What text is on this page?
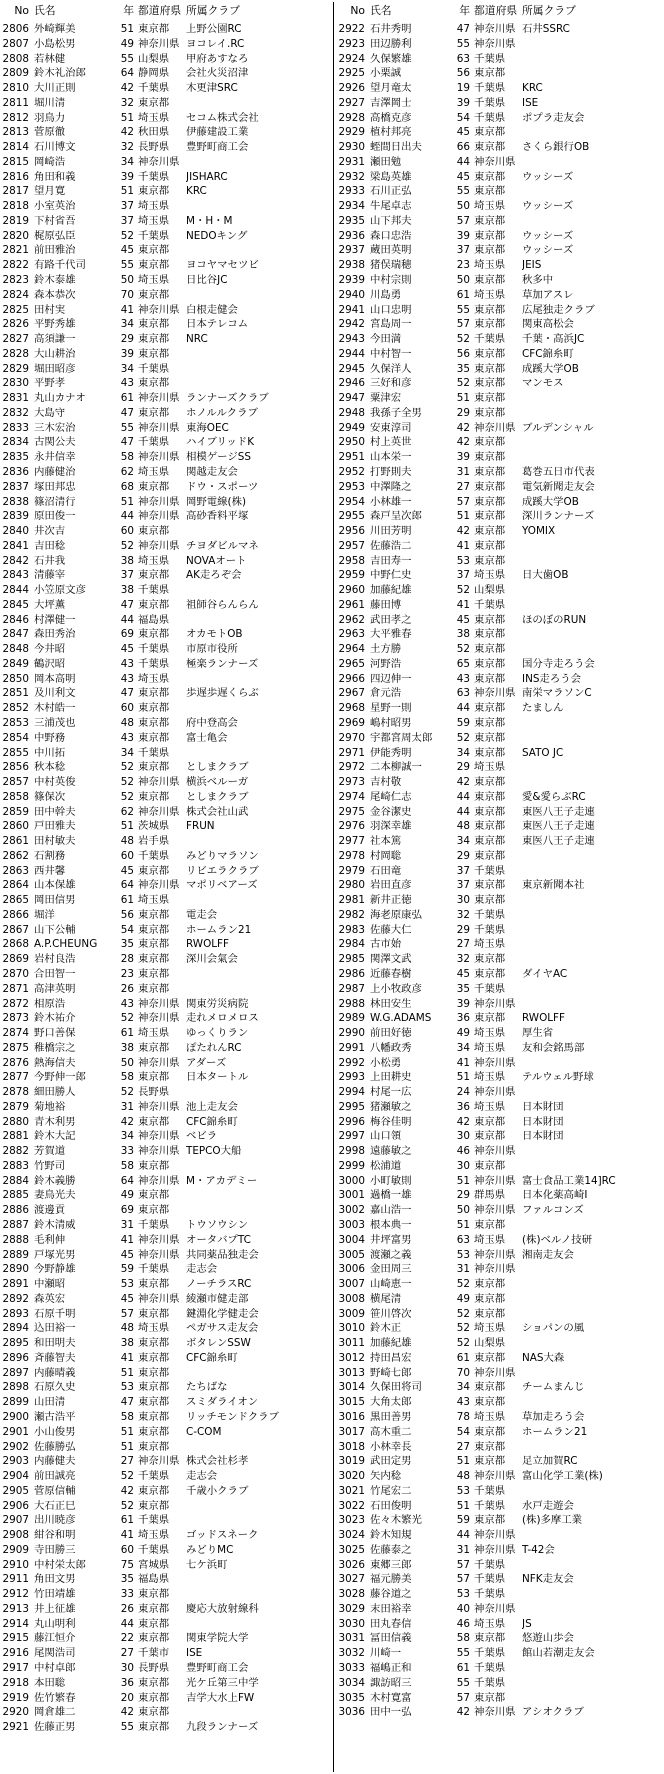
No 氏名	年 都道府県 所属クラブ
2806 外崎輝美	51 東京都	上野公園RC
2807 小島松男	49 神奈川県 ヨコレイ.RC
2808 若林健	55 山梨県	甲府あすなろ
2809 鈴木礼治郎	64 静岡県	会社火災沼津
2810 大川正則	42 千葉県	木更津SRC
2811 堀川清	32 東京都
2812 羽鳥力	51 埼玉県	セコム株式会社
2813 菅原徹	42 秋田県	伊藤建設工業
2814 石川博文	32 長野県	豊野町商工会
2815 岡崎浩	34 神奈川県
2816 角田和義	39 千葉県	JISHARC
2817 望月寛	51 東京都	KRC
2818 小室英治	37 埼玉県
2819 下村省吾	37 埼玉県	M・H・M
2820 梶原弘臣	52 千葉県	NEDOキング
2821 前田雅治	45 東京都
2822 有路千代司	55 東京都	ヨコヤマセツビ
2823 鈴木泰雄	50 埼玉県	日比谷JC
2824 森本恭次	70 東京都
2825 田村実	41 神奈川県 白根走健会
2826 平野秀雄	34 東京都	日本テレコム
2827 高須謙一	29 東京都	NRC
2828 大山耕治	39 東京都
2829 堀田昭彦	34 千葉県
2830 平野孝	43 東京都
2831 丸山カナオ	61 神奈川県 ランナーズクラブ
2832 大島守	47 東京都	ホノルルクラブ
2833 三木宏治	55 神奈川県 東海OEC
2834 古関公夫	47 千葉県	ハイブリッドK
2835 永井信幸	58 神奈川県 相模ゲージSS
2836 内藤健治	62 埼玉県	関越走友会
2837 塚田邦忠	68 東京都	ドウ・スポーツ
2838 篠沼清行	51 神奈川県 岡野電線(株)
2839 原田俊一	44 神奈川県 高砂香料平塚
2840 井次吉	60 東京都
2841 吉田稔	52 神奈川県 チヨダビルマネ
2842 石井我	38 埼玉県	NOVAオート
2843 清藤宰	37 東京都	AK走ろぞ会
2844 小笠原文彦	38 千葉県
2845 大坪薫	47 東京都	祖師谷らんらん
2846 村澤健一	44 福島県
2847 森田秀治	69 東京都	オカモトOB
2848 今井昭	45 千葉県	市原市役所
2849 鶴沢昭	43 千葉県	極楽ランナーズ
2850 岡本高明	43 埼玉県
2851 及川利文	47 東京都	歩遅歩遅くらぶ
2852 木村皓一	60 東京都
2853 三浦茂也	48 東京都	府中登高会
2854 中野務	43 東京都	富士亀会
2855 中川拓	34 千葉県
2856 秋本稔	52 東京都	としまクラブ
2857 中村英俊	52 神奈川県 横浜ベルーガ
2858 篠保次	52 東京都	としまクラブ
2859 田中幹夫	62 神奈川県 株式会社山武
2860 戸田雅夫	51 茨城県	FRUN
2861 田村敏夫	48 岩手県
2862 石割務	60 千葉県	みどりマラソン
2863 西井馨	45 東京都	リビエラクラブ
2864 山本保雄	64 神奈川県 マポリベアーズ
2865 岡田信男	61 埼玉県
2866 堀洋	56 東京都	電走会
2867 山下公輔	54 東京都	ホームラン21
2868 A.P.CHEUNG	35 東京都	RWOLFF
2869 岩村良浩	28 東京都	深川会氣会
2870 合田智一	23 東京都
2871 高津英明	26 東京都
2872 相原浩	43 神奈川県 関東労災病院
2873 鈴木祐介	52 神奈川県 走れメロメロス
2874 野口善保	61 埼玉県	ゆっくりラン
2875 稚橋宗之	38 東京都	ぽたれんRC
2876 熱海信夫	50 神奈川県 アダーズ
2877 今野伸一郎	58 東京都	日本タートル
2878 細田勝人	52 長野県
2879 菊地裕	31 神奈川県 池上走友会
2880 青木利男	42 東京都	CFC錦糸町
2881 鈴木大記	34 神奈川県 ベビラ
2882 芳賀道	33 神奈川県 TEPCO大船
2883 竹野司	58 東京都
2884 鈴木義勝	64 神奈川県 M・アカデミー
2885 妻鳥光夫	49 東京都
2886 渡邊貢	69 東京都
2887 鈴木清威	31 千葉県	トウソウシン
2888 毛利伸	41 神奈川県 オータバプTC
2889 戸塚光男	45 神奈川県 共同薬品独走会
2890 今野静雄	59 千葉県	走志会
2891 中瀬昭	53 東京都	ノーチラスRC
2892 森英宏	45 神奈川県 綾瀬市健走部
2893 石原千明	57 東京都	鍵淵化学健走会
2894 込田裕一	48 埼玉県	ペガサス走友会
2895 和田明夫	38 東京都	ボタレンSSW
2896 斉藤智夫	41 東京都	CFC錦糸町
2897 内藤晴義	51 東京都
2898 石原久史	53 東京都	たちばな
2899 山田清	47 東京都	スミダライオン
2900 瀬古浩平	58 東京都	リッチモンドクラブ
2901 小山俊男	51 東京都	C-COM
2902 佐藤勝弘	51 東京都
2903 内藤健夫	27 神奈川県 株式会社杉孝
2904 前田誠亮	52 千葉県	走志会
2905 菅原信輔	42 東京都	千歳小クラブ
2906 大石正巳	52 東京都
2907 出川暁彦	61 千葉県
2908 紺谷和明	41 埼玉県	ゴッドスネーク
2909 寺田勝三	60 千葉県	みどりMC
2910 中村栄太郎	75 宮城県	七ケ浜町
2911 角田文男	35 福島県
2912 竹田靖雄	33 東京都
2913 井上征雄	26 東京都	慶応大放射線科
2914 丸山明利	44 東京都
2915 藤江恒介	22 東京都	関東学院大学
2916 尾関浩司	27 千葉市	ISE
2917 中村卓郎	30 長野県	豊野町商工会
2918 本田聡	36 東京都	光ケ丘第三中学
2919 佐竹繁春	20 東京都	吉学大水上FW
2920 岡倉雄二	42 東京都
2921 佐藤正男	55 東京都	九段ランナーズ
No 氏名	年 都道府県 所属クラブ
2922 石井秀明	47 神奈川県 石井SSRC
2923 田辺勝利	55 神奈川県
2924 久保繁雄	63 千葉県
2925 小栗誠	56 東京都
2926 望月竜太	19 千葉県	KRC
2927 吉澤岡士	39 千葉県	ISE
2928 高橋克彦	54 千葉県	ポプラ走友会
2929 植村邦亮	45 東京都
2930 蛭間日出夫	66 東京都	さくら銀行OB
2931 瀬田勉	44 神奈川県
2932 梁島英雄	45 東京都	ウッシーズ
2933 石川正弘	55 東京都
2934 牛尾卓志	50 埼玉県	ウッシーズ
2935 山下邦夫	57 東京都
2936 森口忠浩	39 東京都	ウッシーズ
2937 蔵田英明	37 東京都	ウッシーズ
2938 猪俣瑞穂	23 埼玉県	JEIS
2939 中村宗則	50 東京都	秋多中
2940 川島勇	61 埼玉県	草加アスレ
2941 山口忠明	55 東京都	広尾独走クラブ
2942 宮島周一	57 東京都	関東高松会
2943 今田満	52 千葉県	千葉・高浜JC
2944 中村智一	56 東京都	CFC錦糸町
2945 久保洋人	35 東京都	成蹊大学OB
2946 三好和彦	52 東京都	マンモス
2947 粟津宏	51 東京都
2948 我孫子全男	29 東京都
2949 安東淳司	42 神奈川県 ブルデンシャル
2950 村上英世	42 東京都
2951 山本栄一	39 東京都
2952 打野則夫	31 東京都	葛巻五日市代表
2953 中澤隆之	27 東京都	電気新聞走友会
2954 小林雄一	57 東京都	成蹊大学OB
2955 森戸呈次郎	51 東京都	深川ランナーズ
2956 川田芳明	42 東京都	YOMIX
2957 佐藤浩二	41 東京都
2958 吉田寿一	53 東京都
2959 中野仁史	37 埼玉県	日大歯OB
2960 加藤紀雄	52 山梨県
2961 藤田博	41 千葉県
2962 武田孝之	45 東京都	ほのぼのRUN
2963 大平雅春	38 東京都
2964 土方勝	52 東京都
2965 河野浩	65 東京都	国分寺走ろう会
2966 四辺伸一	43 東京都	INS走ろう会
2967 倉元浩	63 神奈川県 南栄マラソンC
2968 星野一則	44 東京都	たましん
2969 嶋村昭男	59 東京都
2970 宇都宮周太郎	52 東京都
2971 伊能秀明	34 東京都	SATO JC
2972 二本柳誠一	29 埼玉県
2973 吉村敬	42 東京都
2974 尾崎仁志	44 東京都	愛&愛らぶRC
2975 金谷潔史	44 東京都	東医八王子走連
2976 羽深幸雄	48 東京都	東医八王子走連
2977 社本篤	34 東京都	東医八王子走連
2978 村岡聡	29 東京都
2979 石田竜	37 千葉県
2980 岩田直彦	37 東京都	東京新聞本社
2981 新井正徳	30 東京都
2982 海老原康弘	32 千葉県
2983 佐藤大仁	29 千葉県
2984 古市始	27 埼玉県
2985 関澤文武	32 東京都
2986 近藤春樹	45 東京都	ダイヤAC
2987 上小牧政彦	35 千葉県
2988 林田安生	39 神奈川県
2989 W.G.ADAMS	36 東京都	RWOLFF
2990 前田好徳	49 埼玉県	厚生省
2991 八幡政秀	34 埼玉県	友和会銘馬部
2992 小松勇	41 神奈川県
2993 上田耕史	51 埼玉県	テルウェル野球
2994 村尾一広	24 神奈川県
2995 猪瀬敏之	36 埼玉県	日本財団
2996 梅谷佳明	42 東京都	日本財団
2997 山口領	30 東京都	日本財団
2998 遠藤敏之	46 神奈川県
2999 松浦道	30 東京都
3000 小町敏則	51 神奈川県 富士食品工業14]RC
3001 過橋一雄	29 群馬県	日本化薬高崎I
3002 嘉山浩一	50 神奈川県 ファルコンズ
3003 根本典一	51 東京都
3004 井坪富男	63 埼玉県	(株)ベルノ技研
3005 渡瀬之義	53 神奈川県 湘南走友会
3006 金田周三	31 神奈川県
3007 山崎恵一	52 東京都
3008 横尾清	49 東京都
3009 笹川啓次	52 東京都
3010 鈴木正	52 埼玉県	ショパンの風
3011 加藤紀雄	52 山梨県
3012 持田昌宏	61 東京都	NAS大森
3013 野崎七郎	70 神奈川県
3014 久保田将司	34 東京都	チームまんじ
3015 大角太郎	43 東京都
3016 黒田善男	78 埼玉県	草加走ろう会
3017 高木重二	54 東京都	ホームラン21
3018 小林幸長	27 東京都
3019 武田定男	51 東京都	足立加賀RC
3020 矢内稔	48 神奈川県 富山化学工業(株)
3021 竹尾宏二	53 千葉県
3022 石田俊明	51 千葉県	水戸走遊会
3023 佐々木繁光	59 東京都	(株)多摩工業
3024 鈴木知規	44 神奈川県
3025 佐藤泰之	31 神奈川県 T-42会
3026 東郷三郎	57 千葉県
3027 福元勝美	57 千葉県	NFK走友会
3028 藤谷道之	53 千葉県
3029 末田裕幸	40 神奈川県
3030 田丸春信	46 埼玉県	JS
3031 冨田信義	58 東京都	悠遊山歩会
3032 川崎一	55 千葉県	館山若潮走友会
3033 福嶋正和	61 千葉県
3034 諏訪昭三	55 千葉県
3035 木村寛富	57 東京都
3036 田中一弘	42 神奈川県 アシオクラブ
